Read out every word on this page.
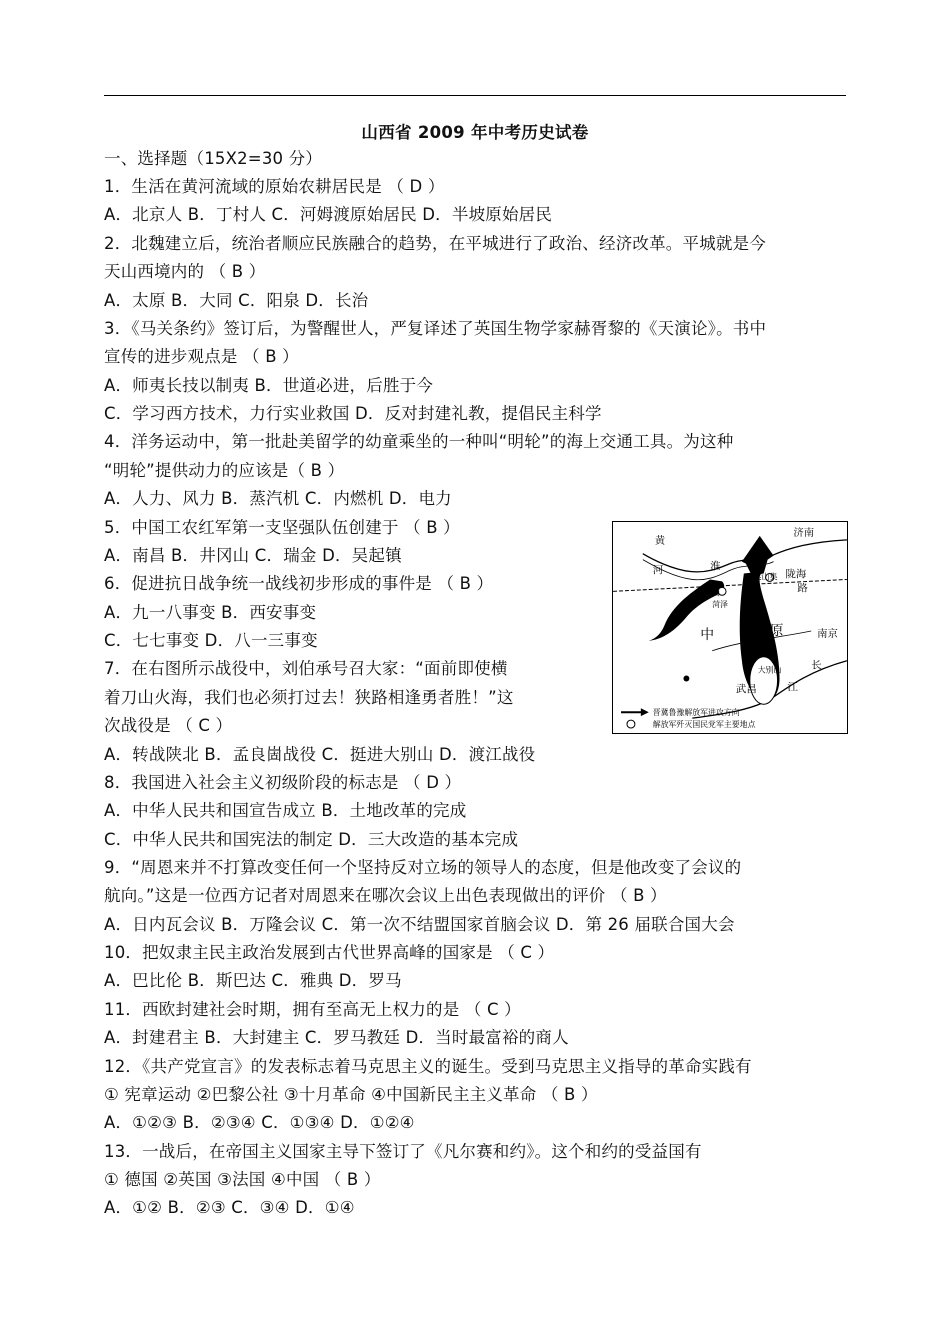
山西省 2009 年中考历史试卷
一、选择题（15X2=30 分）
1．生活在黄河流域的原始农耕居民是 （ D ）
A．北京人 B．丁村人 C．河姆渡原始居民 D．半坡原始居民
2．北魏建立后，统治者顺应民族融合的趋势，在平城进行了政治、经济改革。平城就是今
天山西境内的 （ B ）
A．太原 B．大同 C．阳泉 D．长治
3．《马关条约》签订后，为警醒世人，严复译述了英国生物学家赫胥黎的《天演论》。书中
宣传的进步观点是 （ B ）
A．师夷长技以制夷 B．世道必进，后胜于今
C．学习西方技术，力行实业救国 D．反对封建礼教，提倡民主科学
4．洋务运动中，第一批赴美留学的幼童乘坐的一种叫“明轮”的海上交通工具。为这种
“明轮”提供动力的应该是（ B ）
A．人力、风力 B．蒸汽机 C．内燃机 D．电力
5．中国工农红军第一支坚强队伍创建于 （ B ）
A．南昌 B．井冈山 C．瑞金 D．吴起镇
6．促进抗日战争统一战线初步形成的事件是 （ B ）
A．九一八事变 B．西安事变
C．七七事变 D．八一三事变
7．在右图所示战役中，刘伯承号召大家：“面前即使横
着刀山火海，我们也必须打过去！狭路相逢勇者胜！”这
次战役是 （ C ）
A．转战陕北 B．孟良崮战役 C．挺进大别山 D．渡江战役
8．我国进入社会主义初级阶段的标志是 （ D ）
A．中华人民共和国宣告成立 B．土地改革的完成
C．中华人民共和国宪法的制定 D．三大改造的基本完成
9．“周恩来并不打算改变任何一个坚持反对立场的领导人的态度，但是他改变了会议的
航向。”这是一位西方记者对周恩来在哪次会议上出色表现做出的评价 （ B ）
A．日内瓦会议 B．万隆会议 C．第一次不结盟国家首脑会议 D．第 26 届联合国大会
10．把奴隶主民主政治发展到古代世界高峰的国家是 （ C ）
A．巴比伦 B．斯巴达 C．雅典 D．罗马
11．西欧封建社会时期，拥有至高无上权力的是 （ C ）
A．封建君主 B．大封建主 C．罗马教廷 D．当时最富裕的商人
12．《共产党宣言》的发表标志着马克思主义的诞生。受到马克思主义指导的革命实践有
① 宪章运动 ②巴黎公社 ③十月革命 ④中国新民主主义革命 （ B ）
A．①②③ B．②③④ C．①③④ D．①②④
13．一战后，在帝国主义国家主导下签订了《凡尔赛和约》。这个和约的受益国有
① 德国 ②英国 ③法国 ④中国 （ B ）
A．①② B．②③ C．③④ D．①④
黄
河
济南
梁山集 陇海
路
淮
羊山
菏泽
中	原	南京
长
江
大别山
武昌
晋冀鲁豫解放军进攻方向
解放军歼灭国民党军主要地点
